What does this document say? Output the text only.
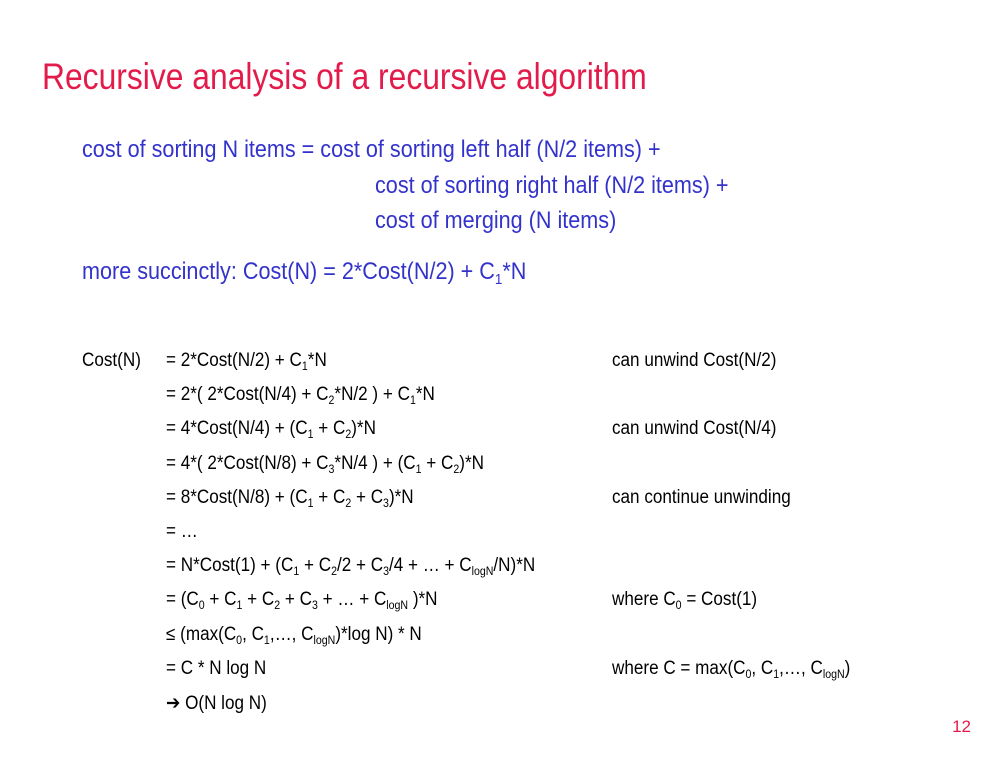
Recursive analysis of a recursive algorithm
cost of sorting N items = cost of sorting left half (N/2 items) +
cost of sorting right half (N/2 items) +
cost of merging (N items)
more succinctly: Cost(N) = 2*Cost(N/2) + $C_1*N$
Cost(N) = 2*Cost(N/2) + $C_1*N$	can unwind Cost(N/2)
= 2*( 2*Cost(N/4) + $C_2*N/2$ ) + $C_1*N$
= 4*Cost(N/4) + $(C_1 + C_2)*N$	can unwind Cost(N/4)
= 4*( 2*Cost(N/8) + $C_3*N/4$ ) + $(C_1 + C_2)*N$
= 8*Cost(N/8) + $(C_1 + C_2 + C_3)*N$	can continue unwinding
= …
= N*Cost(1) + ($C_1 + C_2/2 + C_3/4$ + … + $C_{logN}/N)*N$
= ($C_0 + C_1 + C_2 + C_3$ + … + $C_{logN}$ )*N	where $C_0$ = Cost(1)
≤ ($\max(C_0$, $C_1,\dots$, $C_{logN})*\log$ N) * N
= C * N log N	where $C = \max(C_0$, $C_1,\dots$, $C_{logN}$)
➔ O(N log N)
12
